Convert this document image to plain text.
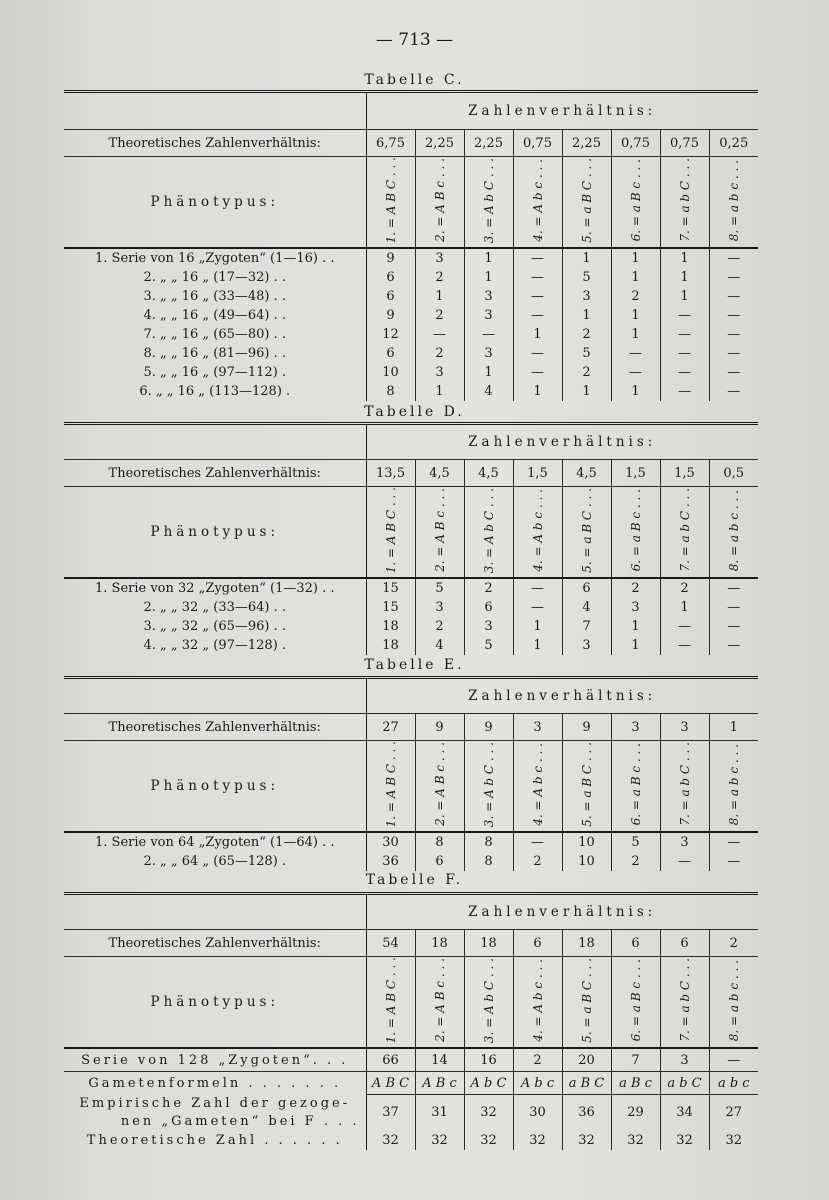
— 713 —
Tabelle C.
	Zahlenverhältnis:							
Theoretisches Zahlenverhältnis:	6,75	2,25	2,25	0,75	2,25	0,75	0,75	0,25
Phänotypus:	1. = A B C . . .	2. = A B c . . .	3. = A b C . . .	4. = A b c . . .	5. = a B C . . .	6. = a B c . . .	7. = a b C . . .	8. = a b c . . .
1. Serie von 16 „Zygoten“ (1—16) . .	9	3	1	—	1	1	1	—
2. „ „ 16 „ (17—32) . .	6	2	1	—	5	1	1	—
3. „ „ 16 „ (33—48) . .	6	1	3	—	3	2	1	—
4. „ „ 16 „ (49—64) . .	9	2	3	—	1	1	—	—
7. „ „ 16 „ (65—80) . .	12	—	—	1	2	1	—	—
8. „ „ 16 „ (81—96) . .	6	2	3	—	5	—	—	—
5. „ „ 16 „ (97—112) .	10	3	1	—	2	—	—	—
6. „ „ 16 „ (113—128) .	8	1	4	1	1	1	—	—
Tabelle D.
	Zahlenverhältnis:							
Theoretisches Zahlenverhältnis:	13,5	4,5	4,5	1,5	4,5	1,5	1,5	0,5
Phänotypus:	1. = A B C . . .	2. = A B c . . .	3. = A b C . . .	4. = A b c . . .	5. = a B C . . .	6. = a B c . . .	7. = a b C . . .	8. = a b c . . .
1. Serie von 32 „Zygoten“ (1—32) . .	15	5	2	—	6	2	2	—
2. „ „ 32 „ (33—64) . .	15	3	6	—	4	3	1	—
3. „ „ 32 „ (65—96) . .	18	2	3	1	7	1	—	—
4. „ „ 32 „ (97—128) .	18	4	5	1	3	1	—	—
Tabelle E.
	Zahlenverhältnis:							
Theoretisches Zahlenverhältnis:	27	9	9	3	9	3	3	1
Phänotypus:	1. = A B C . . .	2. = A B c . . .	3. = A b C . . .	4. = A b c . . .	5. = a B C . . .	6. = a B c . . .	7. = a b C . . .	8. = a b c . . .
1. Serie von 64 „Zygoten“ (1—64) . .	30	8	8	—	10	5	3	—
2. „ „ 64 „ (65—128) .	36	6	8	2	10	2	—	—
Tabelle F.
	Zahlenverhältnis:							
Theoretisches Zahlenverhältnis:	54	18	18	6	18	6	6	2
Phänotypus:	1. = A B C . . .	2. = A B c . . .	3. = A b C . . .	4. = A b c . . .	5. = a B C . . .	6. = a B c . . .	7. = a b C . . .	8. = a b c . . .
Serie von 128 „Zygoten“. . .	66	14	16	2	20	7	3	—
Gametenformeln . . . . . . .	A B C	A B c	A b C	A b c	a B C	a B c	a b C	a b c
Empirische Zahl der gezoge-	37	31	32	30	36	29	34	27
nen „Gameten“ bei F . . .								
Theoretische Zahl . . . . . .	32	32	32	32	32	32	32	32
